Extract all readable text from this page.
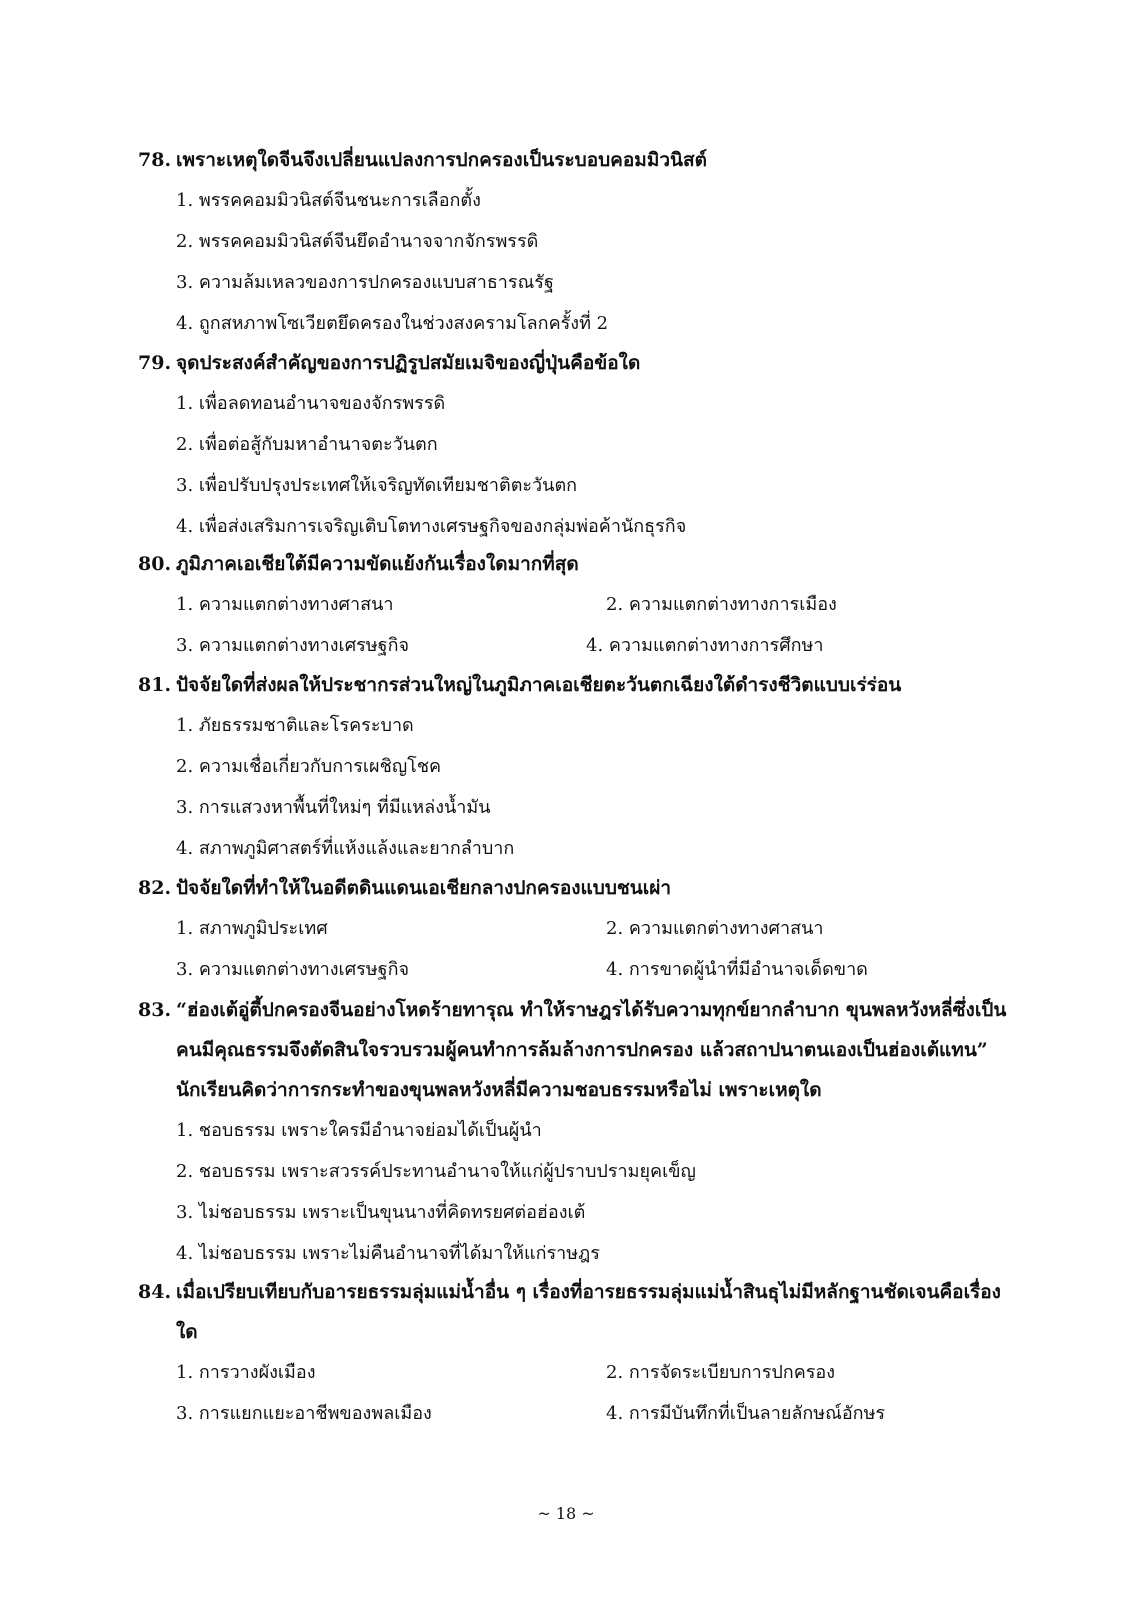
78. เพราะเหตุใดจีนจึงเปลี่ยนแปลงการปกครองเป็นระบอบคอมมิวนิสต์
1. พรรคคอมมิวนิสต์จีนชนะการเลือกตั้ง
2. พรรคคอมมิวนิสต์จีนยึดอำนาจจากจักรพรรดิ
3. ความล้มเหลวของการปกครองแบบสาธารณรัฐ
4. ถูกสหภาพโซเวียตยึดครองในช่วงสงครามโลกครั้งที่ 2
79. จุดประสงค์สำคัญของการปฏิรูปสมัยเมจิของญี่ปุ่นคือข้อใด
1. เพื่อลดทอนอำนาจของจักรพรรดิ
2. เพื่อต่อสู้กับมหาอำนาจตะวันตก
3. เพื่อปรับปรุงประเทศให้เจริญทัดเทียมชาติตะวันตก
4. เพื่อส่งเสริมการเจริญเติบโตทางเศรษฐกิจของกลุ่มพ่อค้านักธุรกิจ
80. ภูมิภาคเอเชียใต้มีความขัดแย้งกันเรื่องใดมากที่สุด
1. ความแตกต่างทางศาสนา	2. ความแตกต่างทางการเมือง
3. ความแตกต่างทางเศรษฐกิจ	4. ความแตกต่างทางการศึกษา
81. ปัจจัยใดที่ส่งผลให้ประชากรส่วนใหญ่ในภูมิภาคเอเชียตะวันตกเฉียงใต้ดำรงชีวิตแบบเร่ร่อน
1. ภัยธรรมชาติและโรคระบาด
2. ความเชื่อเกี่ยวกับการเผชิญโชค
3. การแสวงหาพื้นที่ใหม่ๆ ที่มีแหล่งน้ำมัน
4. สภาพภูมิศาสตร์ที่แห้งแล้งและยากลำบาก
82. ปัจจัยใดที่ทำให้ในอดีตดินแดนเอเชียกลางปกครองแบบชนเผ่า
1. สภาพภูมิประเทศ	2. ความแตกต่างทางศาสนา
3. ความแตกต่างทางเศรษฐกิจ	4. การขาดผู้นำที่มีอำนาจเด็ดขาด
83. “ฮ่องเต้อู่ตี้ปกครองจีนอย่างโหดร้ายทารุณ ทำให้ราษฎรได้รับความทุกข์ยากลำบาก ขุนพลหวังหลี่ซึ่งเป็นคนมีคุณธรรมจึงตัดสินใจรวบรวมผู้คนทำการล้มล้างการปกครอง แล้วสถาปนาตนเองเป็นฮ่องเต้แทน” นักเรียนคิดว่าการกระทำของขุนพลหวังหลี่มีความชอบธรรมหรือไม่ เพราะเหตุใด
1. ชอบธรรม เพราะใครมีอำนาจย่อมได้เป็นผู้นำ
2. ชอบธรรม เพราะสวรรค์ประทานอำนาจให้แก่ผู้ปราบปรามยุคเข็ญ
3. ไม่ชอบธรรม เพราะเป็นขุนนางที่คิดทรยศต่อฮ่องเต้
4. ไม่ชอบธรรม เพราะไม่คืนอำนาจที่ได้มาให้แก่ราษฎร
84. เมื่อเปรียบเทียบกับอารยธรรมลุ่มแม่น้ำอื่น ๆ เรื่องที่อารยธรรมลุ่มแม่น้ำสินธุไม่มีหลักฐานชัดเจนคือเรื่องใด
1. การวางผังเมือง	2. การจัดระเบียบการปกครอง
3. การแยกแยะอาชีพของพลเมือง	4. การมีบันทึกที่เป็นลายลักษณ์อักษร
~ 18 ~
